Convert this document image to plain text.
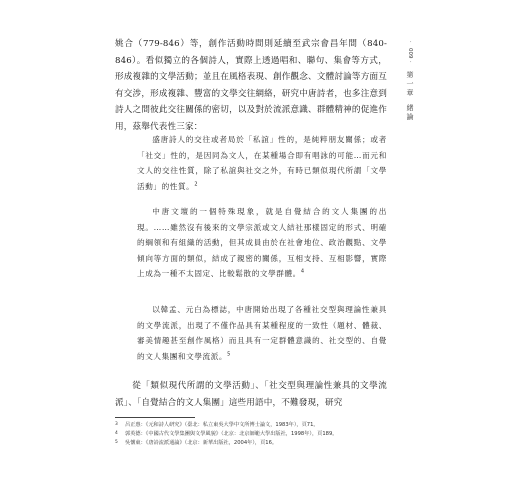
姚合（779-846）等，創作活動時間則延續至武宗會昌年間（840-846）。看似獨立的各個詩人，實際上透過唱和、聯句、集會等方式，形成複雜的文學活動；並且在風格表現、創作觀念、文體討論等方面互有交涉，形成複雜、豐富的文學交往網絡，研究中唐詩者，也多注意到詩人之間彼此交往關係的密切，以及對於流派意識、群體精神的促進作用，茲舉代表性三家：

盛唐詩人的交往或者局於「私誼」性的，是純粹朋友關係；或者「社交」性的，是因同為文人，在某種場合即有唱詠的可能…而元和文人的交往性質，除了私誼與社交之外，有時已類似現代所謂「文學活動」的性質。$^2$

中唐文壇的一個特殊現象，就是自覺結合的文人集團的出現。……雖然沒有後來的文學宗派或文人結社那樣固定的形式、明確的綱領和有組織的活動，但其成員由於在社會地位、政治觀點、文學傾向等方面的類似，結成了親密的關係，互相支持、互相影響，實際上成為一種不太固定、比較鬆散的文學群體。$^4$

以韓孟、元白為標誌，中唐開始出現了各種社交型與理論性兼具的文學流派，出現了不僅作品具有某種程度的一致性（題材、體裁、審美情趣甚至創作風格）而且具有一定群體意識的、社交型的、自覺的文人集團和文學流派。$^5$

從「類似現代所謂的文學活動」、「社交型與理論性兼具的文學流派」、「自覺結合的文人集團」這些用語中，不難發現，研究

3	呂正惠：《元和詩人研究》（臺北：私立東吳大學中文所博士論文，1983年），頁71。
4	郭英德：《中國古代文學集團與文學風貌》（北京：北京師範大學出版社，1998年），頁189。
5	吳懷東：《唐詩流派通論》（北京：新華出版社，2004年），頁16。
·
009
·
第一章
緒論
